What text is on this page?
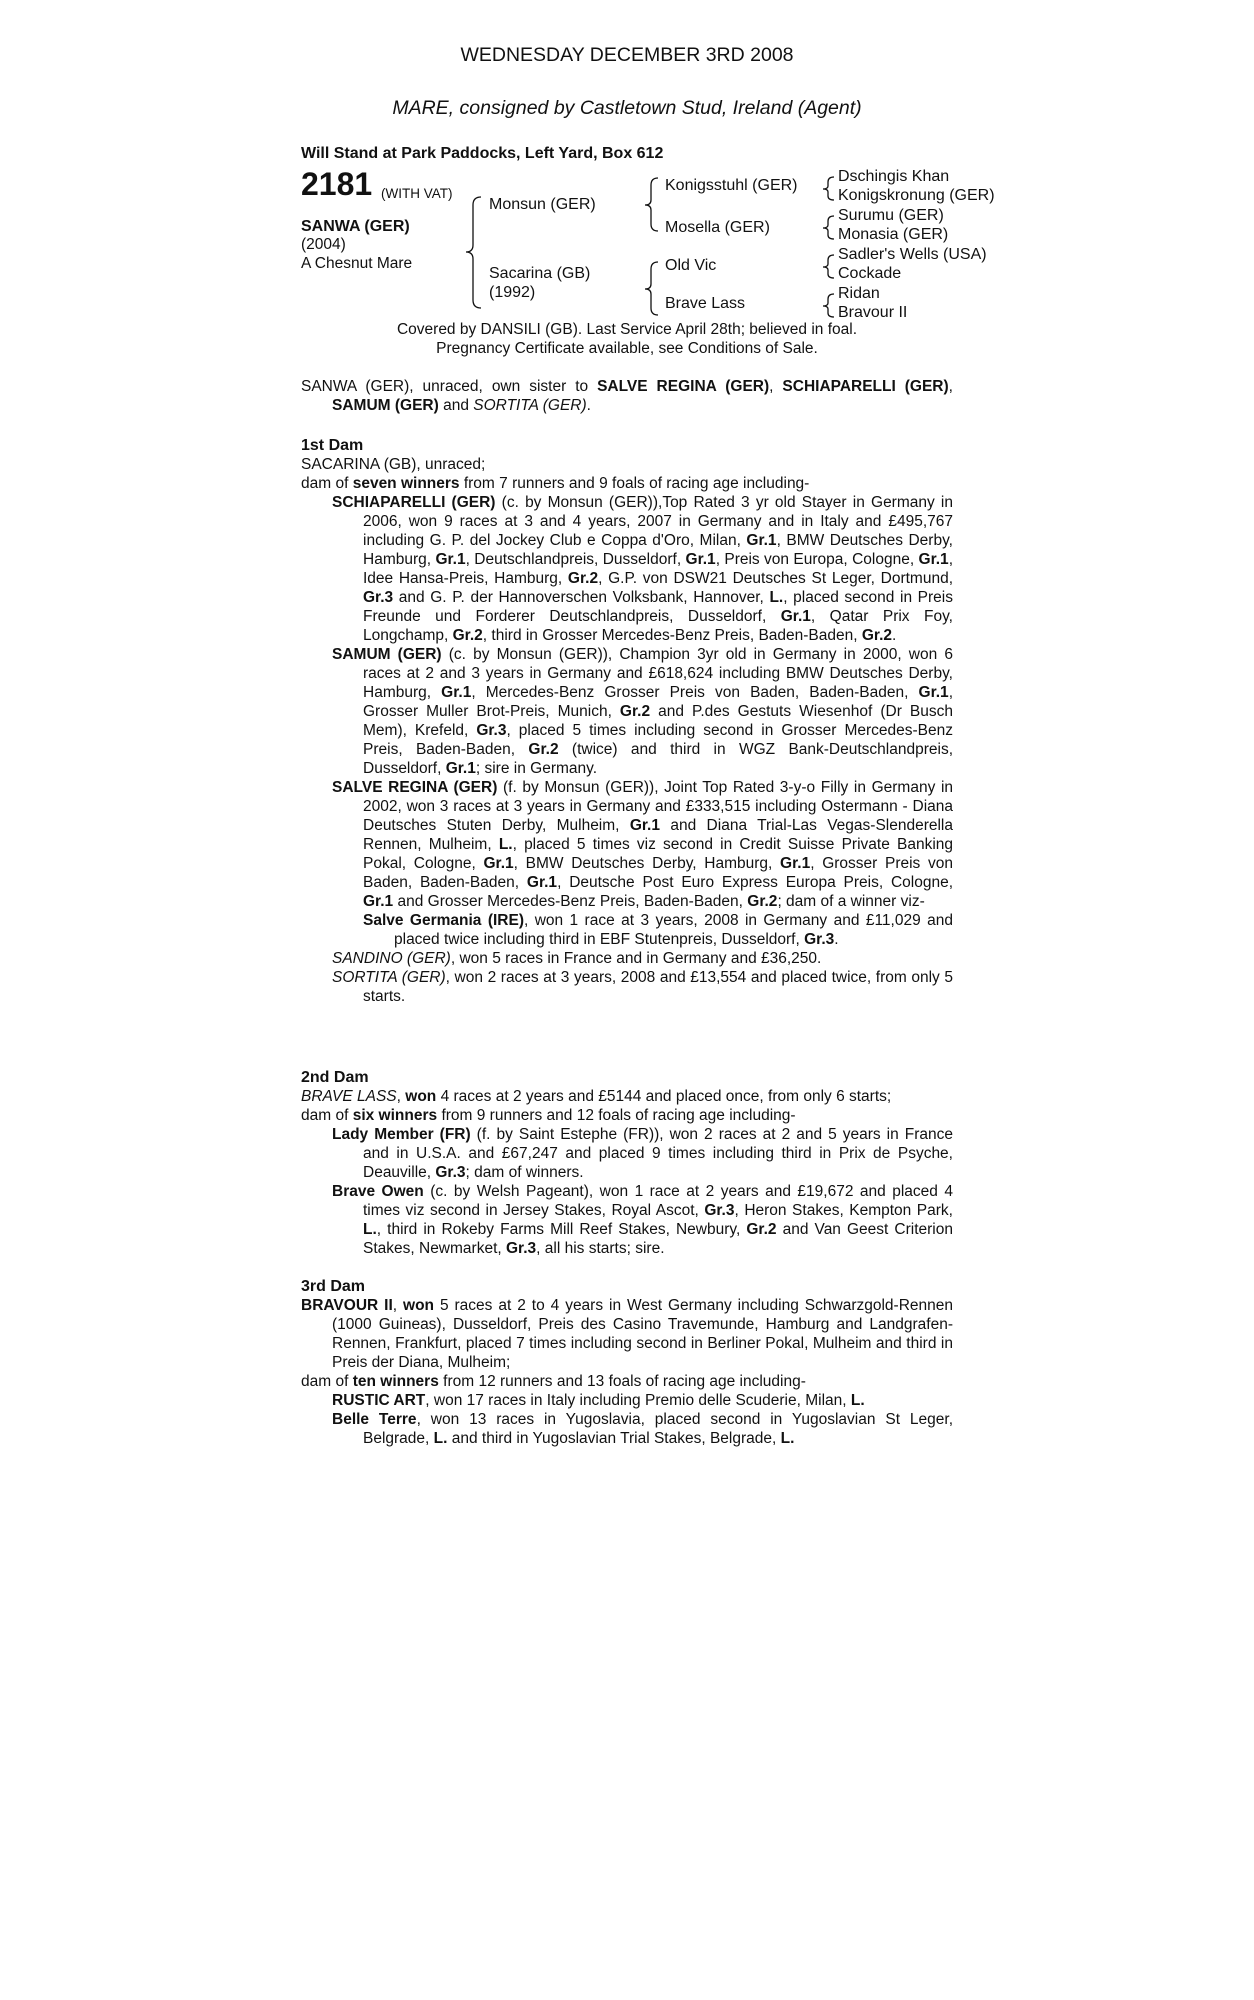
WEDNESDAY DECEMBER 3RD 2008
MARE, consigned by Castletown Stud, Ireland (Agent)
Will Stand at Park Paddocks, Left Yard, Box 612
2181 (WITH VAT)
SANWA (GER)
(2004)
A Chesnut Mare
Monsun (GER)
Sacarina (GB)
(1992)
Konigsstuhl (GER)
Mosella (GER)
Old Vic
Brave Lass
Dschingis Khan
Konigskronung (GER)
Surumu (GER)
Monasia (GER)
Sadler's Wells (USA)
Cockade
Ridan
Bravour II
Covered by DANSILI (GB). Last Service April 28th; believed in foal.
Pregnancy Certificate available, see Conditions of Sale.

SANWA (GER), unraced, own sister to SALVE REGINA (GER), SCHIAPARELLI (GER), SAMUM (GER) and SORTITA (GER).

1st Dam

SACARINA (GB), unraced;

dam of seven winners from 7 runners and 9 foals of racing age including-

SCHIAPARELLI (GER) (c. by Monsun (GER)),Top Rated 3 yr old Stayer in Germany in 2006, won 9 races at 3 and 4 years, 2007 in Germany and in Italy and £495,767 including G. P. del Jockey Club e Coppa d'Oro, Milan, Gr.1, BMW Deutsches Derby, Hamburg, Gr.1, Deutschlandpreis, Dusseldorf, Gr.1, Preis von Europa, Cologne, Gr.1, Idee Hansa-Preis, Hamburg, Gr.2, G.P. von DSW21 Deutsches St Leger, Dortmund, Gr.3 and G. P. der Hannoverschen Volksbank, Hannover, L., placed second in Preis Freunde und Forderer Deutschlandpreis, Dusseldorf, Gr.1, Qatar Prix Foy, Longchamp, Gr.2, third in Grosser Mercedes-Benz Preis, Baden-Baden, Gr.2.

SAMUM (GER) (c. by Monsun (GER)), Champion 3yr old in Germany in 2000, won 6 races at 2 and 3 years in Germany and £618,624 including BMW Deutsches Derby, Hamburg, Gr.1, Mercedes-Benz Grosser Preis von Baden, Baden-Baden, Gr.1, Grosser Muller Brot-Preis, Munich, Gr.2 and P.des Gestuts Wiesenhof (Dr Busch Mem), Krefeld, Gr.3, placed 5 times including second in Grosser Mercedes-Benz Preis, Baden-Baden, Gr.2 (twice) and third in WGZ Bank-Deutschlandpreis, Dusseldorf, Gr.1; sire in Germany.

SALVE REGINA (GER) (f. by Monsun (GER)), Joint Top Rated 3-y-o Filly in Germany in 2002, won 3 races at 3 years in Germany and £333,515 including Ostermann - Diana Deutsches Stuten Derby, Mulheim, Gr.1 and Diana Trial-Las Vegas-Slenderella Rennen, Mulheim, L., placed 5 times viz second in Credit Suisse Private Banking Pokal, Cologne, Gr.1, BMW Deutsches Derby, Hamburg, Gr.1, Grosser Preis von Baden, Baden-Baden, Gr.1, Deutsche Post Euro Express Europa Preis, Cologne, Gr.1 and Grosser Mercedes-Benz Preis, Baden-Baden, Gr.2; dam of a winner viz-

Salve Germania (IRE), won 1 race at 3 years, 2008 in Germany and £11,029 and placed twice including third in EBF Stutenpreis, Dusseldorf, Gr.3.

SANDINO (GER), won 5 races in France and in Germany and £36,250.

SORTITA (GER), won 2 races at 3 years, 2008 and £13,554 and placed twice, from only 5 starts.

2nd Dam

BRAVE LASS, won 4 races at 2 years and £5144 and placed once, from only 6 starts;

dam of six winners from 9 runners and 12 foals of racing age including-

Lady Member (FR) (f. by Saint Estephe (FR)), won 2 races at 2 and 5 years in France and in U.S.A. and £67,247 and placed 9 times including third in Prix de Psyche, Deauville, Gr.3; dam of winners.

Brave Owen (c. by Welsh Pageant), won 1 race at 2 years and £19,672 and placed 4 times viz second in Jersey Stakes, Royal Ascot, Gr.3, Heron Stakes, Kempton Park, L., third in Rokeby Farms Mill Reef Stakes, Newbury, Gr.2 and Van Geest Criterion Stakes, Newmarket, Gr.3, all his starts; sire.

3rd Dam

BRAVOUR II, won 5 races at 2 to 4 years in West Germany including Schwarzgold-Rennen (1000 Guineas), Dusseldorf, Preis des Casino Travemunde, Hamburg and Landgrafen-Rennen, Frankfurt, placed 7 times including second in Berliner Pokal, Mulheim and third in Preis der Diana, Mulheim;

dam of ten winners from 12 runners and 13 foals of racing age including-

RUSTIC ART, won 17 races in Italy including Premio delle Scuderie, Milan, L.

Belle Terre, won 13 races in Yugoslavia, placed second in Yugoslavian St Leger, Belgrade, L. and third in Yugoslavian Trial Stakes, Belgrade, L.
